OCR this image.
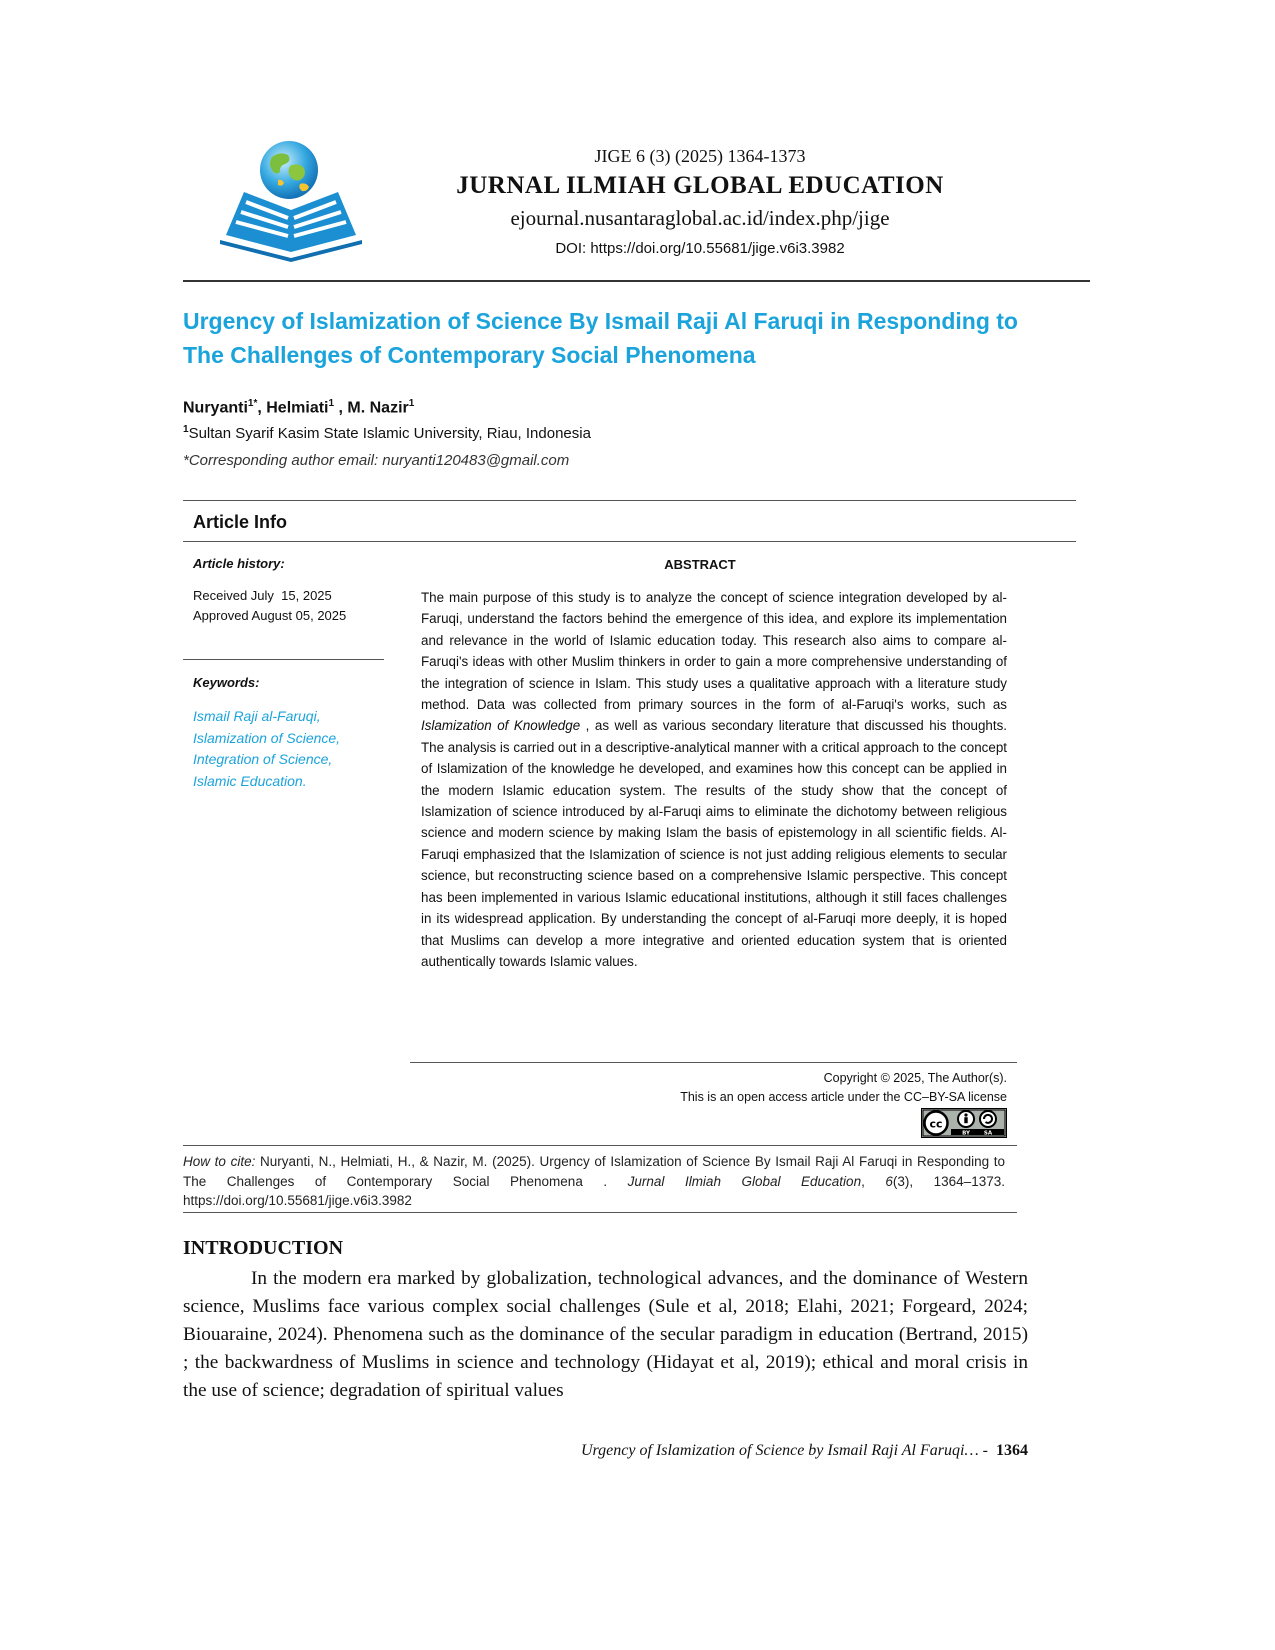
JIGE 6 (3) (2025) 1364-1373
JURNAL ILMIAH GLOBAL EDUCATION
ejournal.nusantaraglobal.ac.id/index.php/jige
DOI: https://doi.org/10.55681/jige.v6i3.3982
Urgency of Islamization of Science By Ismail Raji Al Faruqi in Responding to The Challenges of Contemporary Social Phenomena
Nuryanti$^{1*}$, Helmiati$^1$ , M. Nazir$^1$
$^1$Sultan Syarif Kasim State Islamic University, Riau, Indonesia
*Corresponding author email: nuryanti120483@gmail.com
Article Info
Article history:
Received July  15, 2025
Approved August 05, 2025
Keywords:
Ismail Raji al-Faruqi,
Islamization of Science,
Integration of Science,
Islamic Education.
ABSTRACT
The main purpose of this study is to analyze the concept of science integration developed by al-Faruqi, understand the factors behind the emergence of this idea, and explore its implementation and relevance in the world of Islamic education today. This research also aims to compare al-Faruqi's ideas with other Muslim thinkers in order to gain a more comprehensive understanding of the integration of science in Islam. This study uses a qualitative approach with a literature study method. Data was collected from primary sources in the form of al-Faruqi's works, such as Islamization of Knowledge , as well as various secondary literature that discussed his thoughts. The analysis is carried out in a descriptive-analytical manner with a critical approach to the concept of Islamization of the knowledge he developed, and examines how this concept can be applied in the modern Islamic education system. The results of the study show that the concept of Islamization of science introduced by al-Faruqi aims to eliminate the dichotomy between religious science and modern science by making Islam the basis of epistemology in all scientific fields. Al-Faruqi emphasized that the Islamization of science is not just adding religious elements to secular science, but reconstructing science based on a comprehensive Islamic perspective. This concept has been implemented in various Islamic educational institutions, although it still faces challenges in its widespread application. By understanding the concept of al-Faruqi more deeply, it is hoped that Muslims can develop a more integrative and oriented education system that is oriented authentically towards Islamic values.
Copyright © 2025, The Author(s).
This is an open access article under the CC–BY-SA license
cc
BY	SA
How to cite: Nuryanti, N., Helmiati, H., & Nazir, M. (2025). Urgency of Islamization of Science By Ismail Raji Al Faruqi in Responding to The Challenges of Contemporary Social Phenomena . Jurnal Ilmiah Global Education, 6(3), 1364–1373. https://doi.org/10.55681/jige.v6i3.3982
INTRODUCTION
In the modern era marked by globalization, technological advances, and the dominance of Western science, Muslims face various complex social challenges (Sule et al, 2018; Elahi, 2021; Forgeard, 2024; Biouaraine, 2024). Phenomena such as the dominance of the secular paradigm in education (Bertrand, 2015) ; the backwardness of Muslims in science and technology (Hidayat et al, 2019); ethical and moral crisis in the use of science; degradation of spiritual values
Urgency of Islamization of Science by Ismail Raji Al Faruqi… -  1364
